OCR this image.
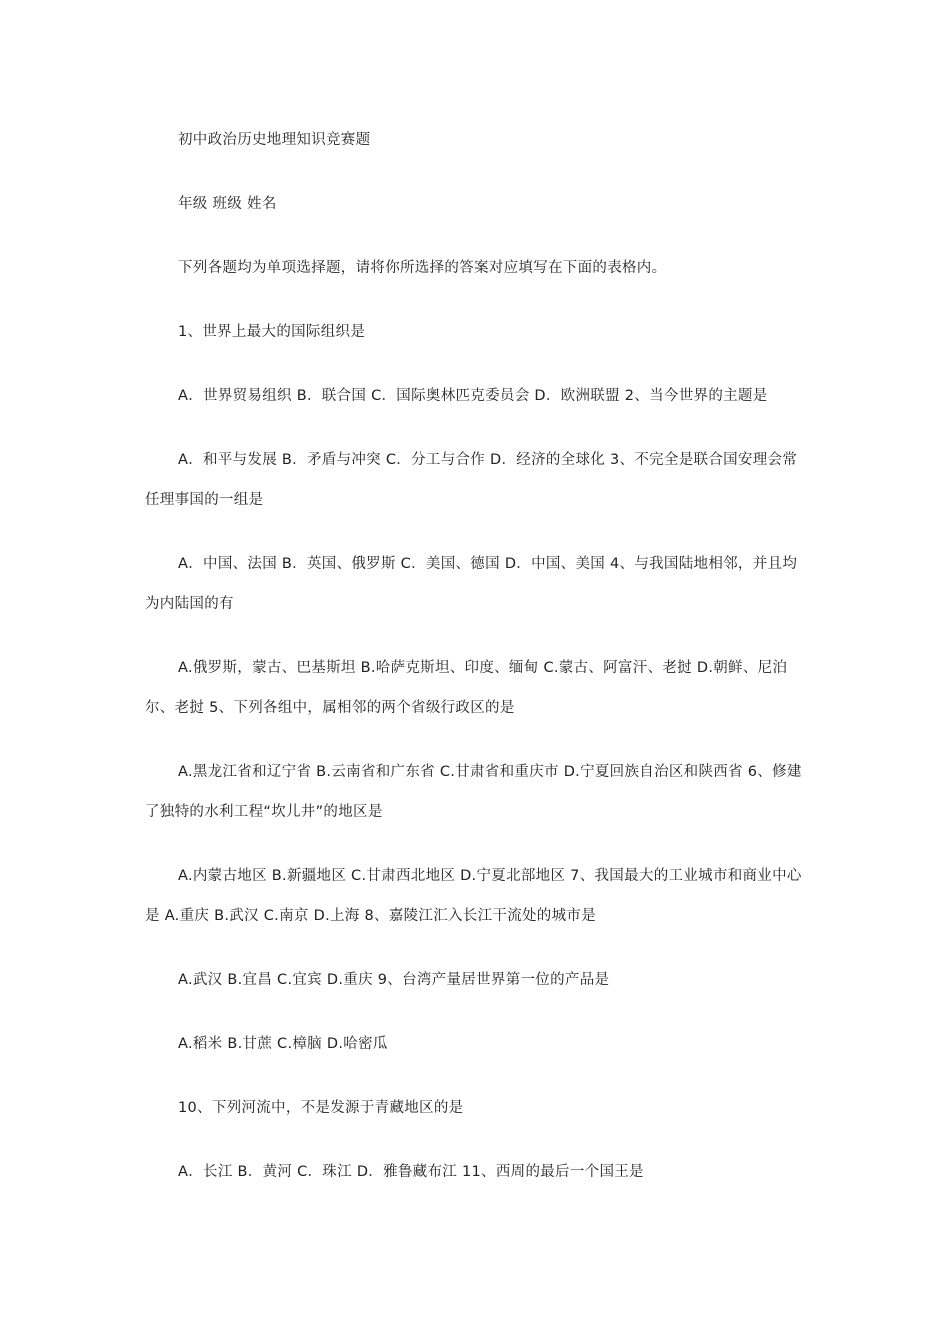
初中政治历史地理知识竞赛题

年级 班级 姓名

下列各题均为单项选择题，请将你所选择的答案对应填写在下面的表格内。

1、世界上最大的国际组织是

A．世界贸易组织 B．联合国 C．国际奥林匹克委员会 D．欧洲联盟 2、当今世界的主题是

A．和平与发展 B．矛盾与冲突 C．分工与合作 D．经济的全球化 3、不完全是联合国安理会常任理事国的一组是

A．中国、法国 B．英国、俄罗斯 C．美国、德国 D．中国、美国 4、与我国陆地相邻，并且均为内陆国的有

A.俄罗斯，蒙古、巴基斯坦 B.哈萨克斯坦、印度、缅甸 C.蒙古、阿富汗、老挝 D.朝鲜、尼泊尔、老挝 5、下列各组中，属相邻的两个省级行政区的是

A.黑龙江省和辽宁省 B.云南省和广东省 C.甘肃省和重庆市 D.宁夏回族自治区和陕西省 6、修建了独特的水利工程“坎儿井”的地区是

A.内蒙古地区 B.新疆地区 C.甘肃西北地区 D.宁夏北部地区 7、我国最大的工业城市和商业中心是 A.重庆 B.武汉 C.南京 D.上海 8、嘉陵江汇入长江干流处的城市是

A.武汉 B.宜昌 C.宜宾 D.重庆 9、台湾产量居世界第一位的产品是

A.稻米 B.甘蔗 C.樟脑 D.哈密瓜

10、下列河流中，不是发源于青藏地区的是

A．长江 B．黄河 C．珠江 D．雅鲁藏布江 11、西周的最后一个国王是
